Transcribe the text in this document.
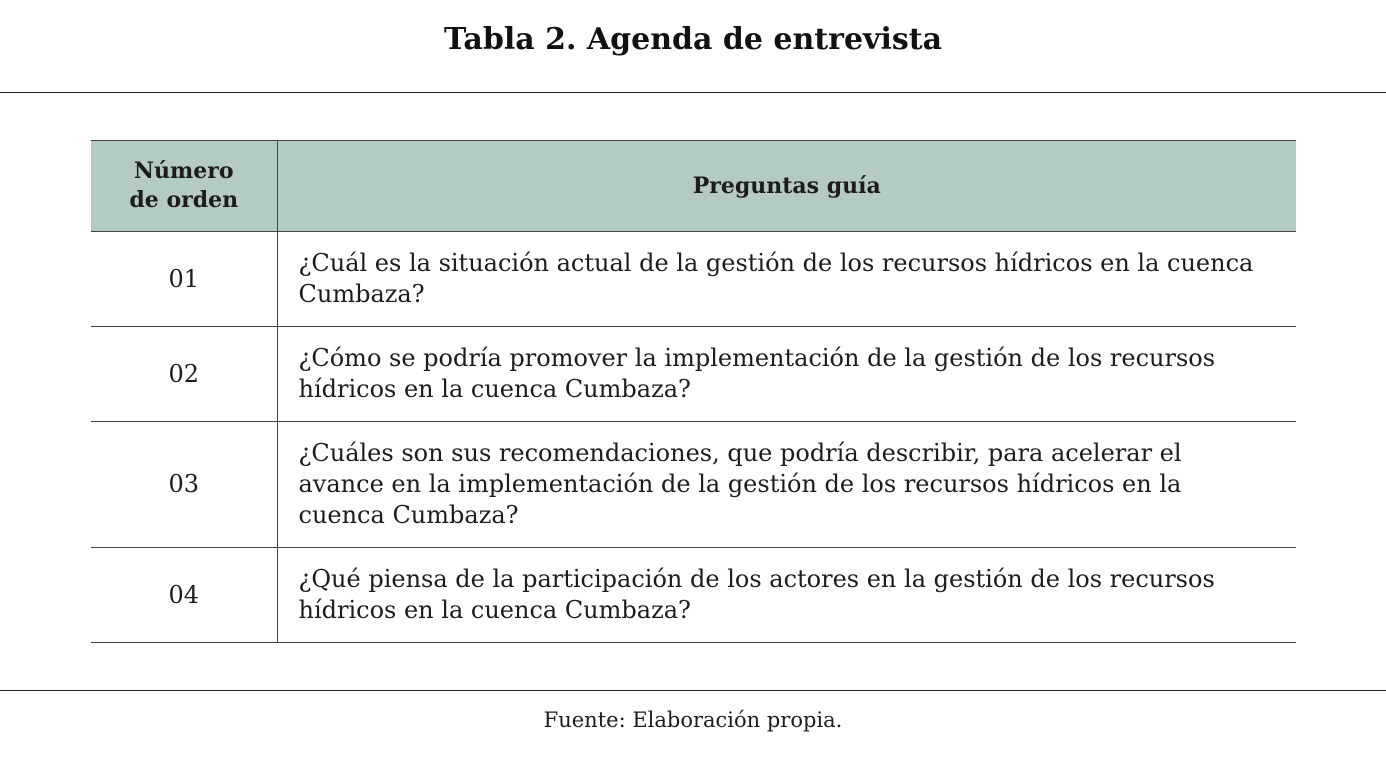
Tabla 2. Agenda de entrevista
Número
de orden	Preguntas guía
01	¿Cuál es la situación actual de la gestión de los recursos hídricos en la cuenca Cumbaza?
02	¿Cómo se podría promover la implementación de la gestión de los recursos hídricos en la cuenca Cumbaza?
03	¿Cuáles son sus recomendaciones, que podría describir, para acelerar el avance en la implementación de la gestión de los recursos hídricos en la cuenca Cumbaza?
04	¿Qué piensa de la participación de los actores en la gestión de los recursos hídricos en la cuenca Cumbaza?
Fuente: Elaboración propia.
